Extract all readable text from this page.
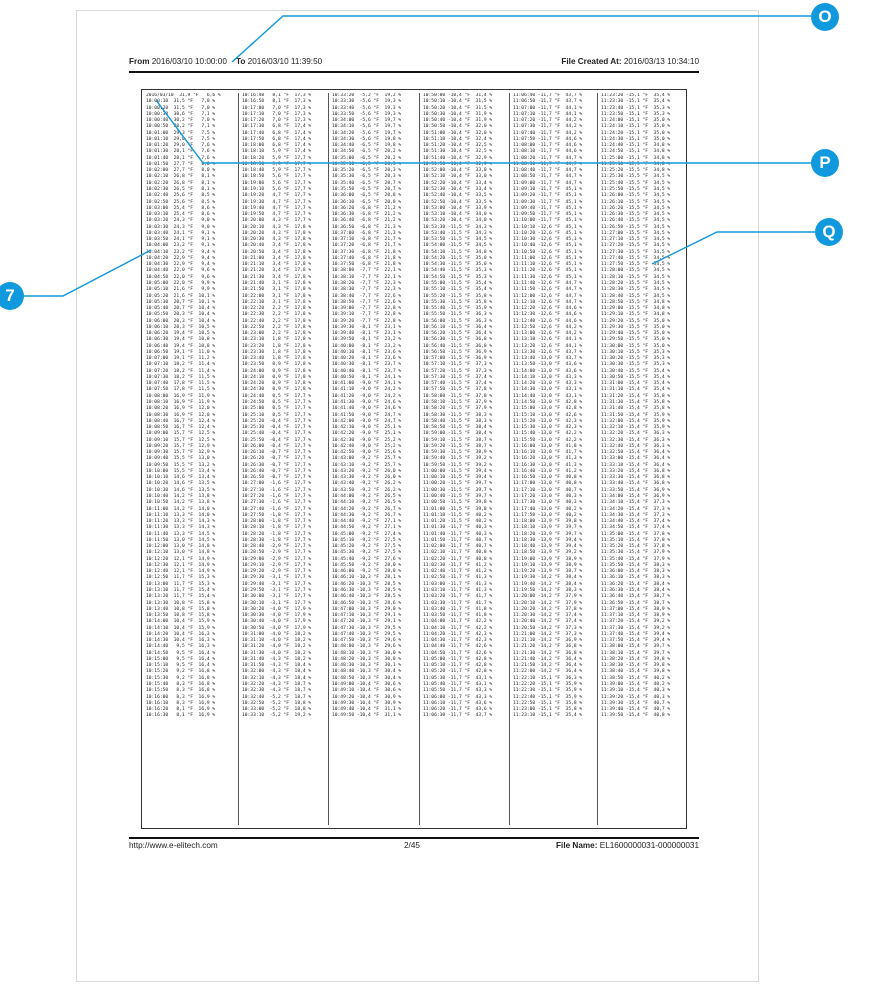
From 2016/03/10 10:00:00 To 2016/03/10 11:39:50	File Created At: 2016/03/13 10:34:10
2016/03/10  31,9 °F   6,6 %
10:00:10  31,5 °F   7,0 %
10:00:20  31,5 °F   7,0 %
10:00:30  30,6 °F   7,1 %
10:00:40  30,2 °F   7,0 %
10:00:50  30,2 °F   7,1 %
10:01:00  29,3 °F   7,5 %
10:01:10  29,0 °F   7,5 %
10:01:20  29,0 °F   7,6 %
10:01:30  28,1 °F   7,6 %
10:01:40  28,1 °F   7,6 %
10:01:50  27,7 °F   8,0 %
10:02:00  27,7 °F   8,0 %
10:02:10  26,8 °F   8,1 %
10:02:20  26,8 °F   8,1 %
10:02:30  26,5 °F   8,1 %
10:02:40  25,6 °F   8,5 %
10:02:50  25,6 °F   8,5 %
10:03:00  25,4 °F   8,6 %
10:03:10  25,4 °F   8,6 %
10:03:20  24,3 °F   9,0 %
10:03:30  24,3 °F   9,0 %
10:03:40  24,1 °F   9,1 %
10:03:50  24,1 °F   9,1 %
10:04:00  23,2 °F   9,1 %
10:04:10  23,2 °F   9,4 %
10:04:20  22,9 °F   9,4 %
10:04:30  22,9 °F   9,4 %
10:04:40  22,0 °F   9,6 %
10:04:50  22,0 °F   9,6 %
10:05:00  22,0 °F   9,9 %
10:05:10  21,6 °F   9,9 %
10:05:20  21,6 °F  10,1 %
10:05:30  20,7 °F  10,1 %
10:05:40  20,7 °F  10,4 %
10:05:50  20,3 °F  10,4 %
10:06:00  20,3 °F  10,4 %
10:06:10  20,3 °F  10,5 %
10:06:20  19,4 °F  10,5 %
10:06:30  19,4 °F  10,8 %
10:06:40  19,4 °F  10,8 %
10:06:50  19,1 °F  11,0 %
10:07:00  19,1 °F  11,2 %
10:07:10  18,2 °F  11,4 %
10:07:20  18,2 °F  11,4 %
10:07:30  18,2 °F  11,5 %
10:07:40  17,8 °F  11,5 %
10:07:50  17,8 °F  11,5 %
10:08:00  16,9 °F  11,9 %
10:08:10  16,9 °F  11,9 %
10:08:20  16,9 °F  12,0 %
10:08:30  16,9 °F  12,0 %
10:08:40  16,7 °F  12,4 %
10:08:50  16,7 °F  12,4 %
10:09:00  15,7 °F  12,5 %
10:09:10  15,7 °F  12,5 %
10:09:20  15,7 °F  12,9 %
10:09:30  15,7 °F  12,9 %
10:09:40  15,5 °F  13,0 %
10:09:50  15,5 °F  13,2 %
10:10:00  15,5 °F  13,4 %
10:10:10  14,6 °F  13,4 %
10:10:20  14,6 °F  13,5 %
10:10:30  14,6 °F  13,5 %
10:10:40  14,2 °F  13,8 %
10:10:50  14,2 °F  13,8 %
10:11:00  14,2 °F  14,0 %
10:11:10  13,3 °F  14,0 %
10:11:20  13,3 °F  14,3 %
10:11:30  13,3 °F  14,3 %
10:11:40  13,3 °F  14,5 %
10:11:50  13,0 °F  14,5 %
10:12:00  13,0 °F  14,8 %
10:12:10  13,0 °F  14,8 %
10:12:20  12,1 °F  14,9 %
10:12:30  12,1 °F  14,9 %
10:12:40  12,1 °F  14,9 %
10:12:50  11,7 °F  15,3 %
10:13:00  11,7 °F  15,3 %
10:13:10  11,7 °F  15,4 %
10:13:20  11,7 °F  15,4 %
10:13:30  10,8 °F  15,8 %
10:13:40  10,8 °F  15,8 %
10:13:50  10,8 °F  15,8 %
10:14:00  10,4 °F  15,9 %
10:14:10  10,4 °F  15,9 %
10:14:20  10,4 °F  16,3 %
10:14:30  10,4 °F  16,3 %
10:14:40   9,5 °F  16,3 %
10:14:50   9,5 °F  16,4 %
10:15:00   9,5 °F  16,4 %
10:15:10   9,5 °F  16,4 %
10:15:20   9,2 °F  16,8 %
10:15:30   9,2 °F  16,8 %
10:15:40   8,3 °F  16,8 %
10:15:50   8,3 °F  16,8 %
10:16:00   8,3 °F  16,9 %
10:16:10   8,3 °F  16,9 %
10:16:20   8,1 °F  16,9 %
10:16:30   8,1 °F  16,9 %
10:16:40   8,1 °F  17,3 %
10:16:50   8,1 °F  17,3 %
10:17:00   7,0 °F  17,3 %
10:17:10   7,0 °F  17,3 %
10:17:20   7,0 °F  17,3 %
10:17:30   6,8 °F  17,4 %
10:17:40   6,8 °F  17,4 %
10:17:50   6,8 °F  17,4 %
10:18:00   6,8 °F  17,4 %
10:18:10   5,9 °F  17,4 %
10:18:20   5,9 °F  17,7 %
10:18:30   5,9 °F  17,7 %
10:18:40   5,9 °F  17,7 %
10:18:50   5,6 °F  17,7 %
10:19:00   5,6 °F  17,7 %
10:19:10   5,6 °F  17,7 %
10:19:20   4,7 °F  17,7 %
10:19:30   4,7 °F  17,7 %
10:19:40   4,7 °F  17,7 %
10:19:50   4,7 °F  17,7 %
10:20:00   4,3 °F  17,7 %
10:20:10   4,3 °F  17,8 %
10:20:20   4,3 °F  17,8 %
10:20:30   4,3 °F  17,8 %
10:20:40   3,4 °F  17,8 %
10:20:50   3,4 °F  17,8 %
10:21:00   3,4 °F  17,8 %
10:21:10   3,4 °F  17,8 %
10:21:20   3,4 °F  17,8 %
10:21:30   3,4 °F  17,8 %
10:21:40   3,1 °F  17,8 %
10:21:50   3,1 °F  17,8 %
10:22:00   3,1 °F  17,8 %
10:22:10   3,1 °F  17,8 %
10:22:20   2,2 °F  17,8 %
10:22:30   2,2 °F  17,8 %
10:22:40   2,2 °F  17,8 %
10:22:50   2,2 °F  17,8 %
10:23:00   2,2 °F  17,8 %
10:23:10   1,8 °F  17,8 %
10:23:20   1,8 °F  17,8 %
10:23:30   1,8 °F  17,8 %
10:23:40   1,8 °F  17,8 %
10:23:50   0,9 °F  17,8 %
10:24:00   0,9 °F  17,8 %
10:24:10   0,9 °F  17,8 %
10:24:20   0,9 °F  17,8 %
10:24:30   0,9 °F  17,8 %
10:24:40   0,5 °F  17,7 %
10:24:50   0,5 °F  17,7 %
10:25:00   0,5 °F  17,7 %
10:25:10   0,5 °F  17,7 %
10:25:20  -0,4 °F  17,7 %
10:25:30  -0,4 °F  17,7 %
10:25:40  -0,4 °F  17,7 %
10:25:50  -0,4 °F  17,7 %
10:26:00  -0,4 °F  17,7 %
10:26:10  -0,7 °F  17,7 %
10:26:20  -0,7 °F  17,7 %
10:26:30  -0,7 °F  17,7 %
10:26:40  -0,7 °F  17,7 %
10:26:50  -0,7 °F  17,7 %
10:27:00  -1,6 °F  17,7 %
10:27:10  -1,6 °F  17,7 %
10:27:20  -1,6 °F  17,7 %
10:27:30  -1,6 °F  17,7 %
10:27:40  -1,6 °F  17,7 %
10:27:50  -1,8 °F  17,7 %
10:28:00  -1,8 °F  17,7 %
10:28:10  -1,8 °F  17,7 %
10:28:20  -1,8 °F  17,7 %
10:28:30  -1,8 °F  17,7 %
10:28:40  -2,9 °F  17,7 %
10:28:50  -2,9 °F  17,7 %
10:29:00  -2,9 °F  17,7 %
10:29:10  -2,9 °F  17,7 %
10:29:20  -2,9 °F  17,7 %
10:29:30  -3,1 °F  17,7 %
10:29:40  -3,1 °F  17,7 %
10:29:50  -3,1 °F  17,7 %
10:30:00  -3,1 °F  17,7 %
10:30:10  -3,1 °F  17,7 %
10:30:20  -4,0 °F  17,9 %
10:30:30  -4,0 °F  17,9 %
10:30:40  -4,0 °F  17,9 %
10:30:50  -4,0 °F  17,9 %
10:31:00  -4,0 °F  18,2 %
10:31:10  -4,0 °F  18,2 %
10:31:20  -4,0 °F  18,2 %
10:31:30  -4,0 °F  18,2 %
10:31:40  -4,3 °F  18,2 %
10:31:50  -4,3 °F  18,4 %
10:32:00  -4,3 °F  18,4 %
10:32:10  -4,3 °F  18,4 %
10:32:20  -4,3 °F  18,7 %
10:32:30  -4,3 °F  18,7 %
10:32:40  -5,2 °F  18,7 %
10:32:50  -5,2 °F  18,8 %
10:33:00  -5,2 °F  18,8 %
10:33:10  -5,2 °F  19,2 %
10:33:20  -5,2 °F  19,2 %
10:33:30  -5,6 °F  19,3 %
10:33:40  -5,6 °F  19,3 %
10:33:50  -5,6 °F  19,3 %
10:34:00  -5,6 °F  19,7 %
10:34:10  -5,6 °F  19,7 %
10:34:20  -5,6 °F  19,7 %
10:34:30  -5,6 °F  19,8 %
10:34:40  -6,5 °F  19,8 %
10:34:50  -6,5 °F  20,2 %
10:35:00  -6,5 °F  20,2 %
10:35:10  -6,5 °F  20,3 %
10:35:20  -6,5 °F  20,3 %
10:35:30  -6,5 °F  20,3 %
10:35:40  -6,5 °F  20,7 %
10:35:50  -6,5 °F  20,7 %
10:36:00  -6,5 °F  20,8 %
10:36:10  -6,5 °F  20,8 %
10:36:20  -6,8 °F  21,2 %
10:36:30  -6,8 °F  21,2 %
10:36:40  -6,8 °F  21,2 %
10:36:50  -6,8 °F  21,3 %
10:37:00  -6,8 °F  21,3 %
10:37:10  -6,8 °F  21,7 %
10:37:20  -6,8 °F  21,7 %
10:37:30  -6,8 °F  21,8 %
10:37:40  -6,8 °F  21,8 %
10:37:50  -6,8 °F  21,8 %
10:38:00  -7,7 °F  22,1 %
10:38:10  -7,7 °F  22,1 %
10:38:20  -7,7 °F  22,3 %
10:38:30  -7,7 °F  22,3 %
10:38:40  -7,7 °F  22,6 %
10:38:50  -7,7 °F  22,6 %
10:39:00  -7,7 °F  22,8 %
10:39:10  -7,7 °F  22,8 %
10:39:20  -7,7 °F  22,8 %
10:39:30  -8,1 °F  23,1 %
10:39:40  -8,1 °F  23,1 %
10:39:50  -8,1 °F  23,2 %
10:40:00  -8,1 °F  23,2 %
10:40:10  -8,1 °F  23,6 %
10:40:20  -8,1 °F  23,6 %
10:40:30  -8,1 °F  23,7 %
10:40:40  -8,1 °F  23,7 %
10:40:50  -8,1 °F  24,1 %
10:41:00  -9,0 °F  24,1 %
10:41:10  -9,0 °F  24,2 %
10:41:20  -9,0 °F  24,2 %
10:41:30  -9,0 °F  24,6 %
10:41:40  -9,0 °F  24,6 %
10:41:50  -9,0 °F  24,7 %
10:42:00  -9,0 °F  24,7 %
10:42:10  -9,0 °F  25,1 %
10:42:20  -9,0 °F  25,1 %
10:42:30  -9,0 °F  25,2 %
10:42:40  -9,0 °F  25,2 %
10:42:50  -9,0 °F  25,6 %
10:43:00  -9,2 °F  25,7 %
10:43:10  -9,2 °F  25,7 %
10:43:20  -9,2 °F  26,0 %
10:43:30  -9,2 °F  26,0 %
10:43:40  -9,2 °F  26,2 %
10:43:50  -9,2 °F  26,2 %
10:44:00  -9,2 °F  26,5 %
10:44:10  -9,2 °F  26,5 %
10:44:20  -9,2 °F  26,7 %
10:44:30  -9,2 °F  26,7 %
10:44:40  -9,2 °F  27,1 %
10:44:50  -9,2 °F  27,1 %
10:45:00  -9,2 °F  27,4 %
10:45:10  -9,2 °F  27,5 %
10:45:20  -9,2 °F  27,5 %
10:45:30  -9,2 °F  27,5 %
10:45:40  -9,2 °F  27,6 %
10:45:50  -9,2 °F  28,0 %
10:46:00  -9,2 °F  28,0 %
10:46:10 -10,3 °F  28,1 %
10:46:20 -10,3 °F  28,5 %
10:46:30 -10,3 °F  28,5 %
10:46:40 -10,3 °F  28,5 %
10:46:50 -10,3 °F  28,6 %
10:47:00 -10,3 °F  29,0 %
10:47:10 -10,3 °F  29,1 %
10:47:20 -10,3 °F  29,1 %
10:47:30 -10,3 °F  29,5 %
10:47:40 -10,3 °F  29,5 %
10:47:50 -10,3 °F  29,6 %
10:48:00 -10,3 °F  29,6 %
10:48:10 -10,3 °F  30,0 %
10:48:20 -10,3 °F  30,0 %
10:48:30 -10,3 °F  30,1 %
10:48:40 -10,3 °F  30,4 %
10:48:50 -10,3 °F  30,4 %
10:49:00 -10,4 °F  30,6 %
10:49:10 -10,4 °F  30,6 %
10:49:20 -10,4 °F  30,9 %
10:49:30 -10,4 °F  30,9 %
10:49:40 -10,4 °F  31,1 %
10:49:50 -10,4 °F  31,1 %
10:50:00 -10,4 °F  31,4 %
10:50:10 -10,4 °F  31,5 %
10:50:20 -10,4 °F  31,5 %
10:50:30 -10,4 °F  31,9 %
10:50:40 -10,4 °F  31,9 %
10:50:50 -10,4 °F  32,0 %
10:51:00 -10,4 °F  32,0 %
10:51:10 -10,4 °F  32,4 %
10:51:20 -10,4 °F  32,5 %
10:51:30 -10,4 °F  32,5 %
10:51:40 -10,4 °F  32,9 %
10:51:50 -10,4 °F  32,9 %
10:52:00 -10,4 °F  33,0 %
10:52:10 -10,4 °F  33,0 %
10:52:20 -10,4 °F  33,4 %
10:52:30 -10,4 °F  33,4 %
10:52:40 -10,4 °F  33,5 %
10:52:50 -10,4 °F  33,5 %
10:53:00 -10,4 °F  33,9 %
10:53:10 -10,4 °F  34,0 %
10:53:20 -10,4 °F  34,0 %
10:53:30 -11,5 °F  34,3 %
10:53:40 -11,5 °F  34,3 %
10:53:50 -11,5 °F  34,5 %
10:54:00 -11,5 °F  34,5 %
10:54:10 -11,5 °F  34,8 %
10:54:20 -11,5 °F  35,0 %
10:54:30 -11,5 °F  35,0 %
10:54:40 -11,5 °F  35,3 %
10:54:50 -11,5 °F  35,3 %
10:55:00 -11,5 °F  35,4 %
10:55:10 -11,5 °F  35,4 %
10:55:20 -11,5 °F  35,8 %
10:55:30 -11,5 °F  35,8 %
10:55:40 -11,5 °F  35,9 %
10:55:50 -11,5 °F  36,3 %
10:56:00 -11,5 °F  36,3 %
10:56:10 -11,5 °F  36,4 %
10:56:20 -11,5 °F  36,4 %
10:56:30 -11,5 °F  36,8 %
10:56:40 -11,5 °F  36,8 %
10:56:50 -11,5 °F  36,9 %
10:57:00 -11,5 °F  36,9 %
10:57:10 -11,5 °F  37,3 %
10:57:20 -11,5 °F  37,3 %
10:57:30 -11,5 °F  37,4 %
10:57:40 -11,5 °F  37,4 %
10:57:50 -11,5 °F  37,8 %
10:58:00 -11,5 °F  37,8 %
10:58:10 -11,5 °F  37,9 %
10:58:20 -11,5 °F  37,9 %
10:58:30 -11,5 °F  38,3 %
10:58:40 -11,5 °F  38,3 %
10:58:50 -11,5 °F  38,4 %
10:59:00 -11,5 °F  38,4 %
10:59:10 -11,5 °F  38,7 %
10:59:20 -11,5 °F  38,7 %
10:59:30 -11,5 °F  38,9 %
10:59:40 -11,5 °F  39,2 %
10:59:50 -11,5 °F  39,2 %
11:00:00 -11,5 °F  39,4 %
11:00:10 -11,5 °F  39,4 %
11:00:20 -11,5 °F  39,7 %
11:00:30 -11,5 °F  39,7 %
11:00:40 -11,5 °F  39,7 %
11:00:50 -11,5 °F  39,8 %
11:01:00 -11,5 °F  39,8 %
11:01:10 -11,5 °F  40,2 %
11:01:20 -11,5 °F  40,2 %
11:01:30 -11,7 °F  40,3 %
11:01:40 -11,7 °F  40,3 %
11:01:50 -11,7 °F  40,7 %
11:02:00 -11,7 °F  40,7 %
11:02:10 -11,7 °F  40,8 %
11:02:20 -11,7 °F  40,8 %
11:02:30 -11,7 °F  41,2 %
11:02:40 -11,7 °F  41,2 %
11:02:50 -11,7 °F  41,3 %
11:03:00 -11,7 °F  41,3 %
11:03:10 -11,7 °F  41,3 %
11:03:20 -11,7 °F  41,7 %
11:03:30 -11,7 °F  41,7 %
11:03:40 -11,7 °F  41,8 %
11:03:50 -11,7 °F  41,8 %
11:04:00 -11,7 °F  42,2 %
11:04:10 -11,7 °F  42,2 %
11:04:20 -11,7 °F  42,3 %
11:04:30 -11,7 °F  42,3 %
11:04:40 -11,7 °F  42,6 %
11:04:50 -11,7 °F  42,6 %
11:05:00 -11,7 °F  42,8 %
11:05:10 -11,7 °F  42,8 %
11:05:20 -11,7 °F  42,8 %
11:05:30 -11,7 °F  43,1 %
11:05:40 -11,7 °F  43,1 %
11:05:50 -11,7 °F  43,3 %
11:06:00 -11,7 °F  43,3 %
11:06:10 -11,7 °F  43,6 %
11:06:20 -11,7 °F  43,6 %
11:06:30 -11,7 °F  43,7 %
11:06:40 -11,7 °F  43,7 %
11:06:50 -11,7 °F  43,7 %
11:07:00 -11,7 °F  44,1 %
11:07:10 -11,7 °F  44,1 %
11:07:20 -11,7 °F  44,2 %
11:07:30 -11,7 °F  44,2 %
11:07:40 -11,7 °F  44,2 %
11:07:50 -11,7 °F  44,6 %
11:08:00 -11,7 °F  44,6 %
11:08:10 -11,7 °F  44,6 %
11:08:20 -11,7 °F  44,7 %
11:08:30 -11,7 °F  44,7 %
11:08:40 -11,7 °F  44,7 %
11:08:50 -11,7 °F  44,7 %
11:09:00 -11,7 °F  44,7 %
11:09:10 -11,7 °F  45,1 %
11:09:20 -11,7 °F  45,1 %
11:09:30 -11,7 °F  45,1 %
11:09:40 -11,7 °F  45,1 %
11:09:50 -11,7 °F  45,1 %
11:10:00 -11,7 °F  45,1 %
11:10:10 -12,6 °F  45,1 %
11:10:20 -12,6 °F  45,1 %
11:10:30 -12,6 °F  45,1 %
11:10:40 -12,6 °F  45,1 %
11:10:50 -12,6 °F  45,1 %
11:11:00 -12,6 °F  45,1 %
11:11:10 -12,6 °F  45,1 %
11:11:20 -12,6 °F  45,1 %
11:11:30 -12,6 °F  45,1 %
11:11:40 -12,6 °F  44,7 %
11:11:50 -12,6 °F  44,7 %
11:12:00 -12,6 °F  44,7 %
11:12:10 -12,6 °F  44,7 %
11:12:20 -12,6 °F  44,6 %
11:12:30 -12,6 °F  44,6 %
11:12:40 -12,6 °F  44,6 %
11:12:50 -12,6 °F  44,2 %
11:13:00 -12,6 °F  44,2 %
11:13:10 -12,6 °F  44,1 %
11:13:20 -12,6 °F  44,1 %
11:13:30 -12,6 °F  43,7 %
11:13:40 -13,0 °F  43,7 %
11:13:50 -13,0 °F  43,6 %
11:14:00 -13,0 °F  43,6 %
11:14:10 -13,0 °F  43,3 %
11:14:20 -13,0 °F  43,3 %
11:14:30 -13,0 °F  43,1 %
11:14:40 -13,0 °F  43,1 %
11:14:50 -13,0 °F  42,8 %
11:15:00 -13,0 °F  42,8 %
11:15:10 -13,0 °F  42,6 %
11:15:20 -13,0 °F  42,3 %
11:15:30 -13,0 °F  42,3 %
11:15:40 -13,0 °F  42,2 %
11:15:50 -13,0 °F  42,2 %
11:16:00 -13,0 °F  41,8 %
11:16:10 -13,0 °F  41,7 %
11:16:20 -13,0 °F  41,3 %
11:16:30 -13,0 °F  41,3 %
11:16:40 -13,0 °F  41,2 %
11:16:50 -13,0 °F  40,8 %
11:17:00 -13,0 °F  40,8 %
11:17:10 -13,0 °F  40,7 %
11:17:20 -13,0 °F  40,3 %
11:17:30 -13,0 °F  40,3 %
11:17:40 -13,0 °F  40,2 %
11:17:50 -13,0 °F  40,2 %
11:18:00 -13,9 °F  39,8 %
11:18:10 -13,9 °F  39,7 %
11:18:20 -13,9 °F  39,7 %
11:18:30 -13,9 °F  39,4 %
11:18:40 -13,9 °F  39,4 %
11:18:50 -13,9 °F  39,2 %
11:19:00 -13,9 °F  38,9 %
11:19:10 -13,9 °F  38,9 %
11:19:20 -13,9 °F  38,7 %
11:19:30 -14,2 °F  38,4 %
11:19:40 -14,2 °F  38,4 %
11:19:50 -14,2 °F  38,3 %
11:20:00 -14,2 °F  37,9 %
11:20:10 -14,2 °F  37,9 %
11:20:20 -14,2 °F  37,8 %
11:20:30 -14,2 °F  37,4 %
11:20:40 -14,2 °F  37,4 %
11:20:50 -14,2 °F  37,3 %
11:21:00 -14,2 °F  37,3 %
11:21:10 -14,2 °F  36,9 %
11:21:20 -14,2 °F  36,8 %
11:21:30 -14,2 °F  36,8 %
11:21:40 -14,2 °F  36,4 %
11:21:50 -14,2 °F  36,4 %
11:22:00 -14,2 °F  36,4 %
11:22:10 -15,1 °F  36,3 %
11:22:20 -15,1 °F  35,9 %
11:22:30 -15,1 °F  35,9 %
11:22:40 -15,1 °F  35,9 %
11:22:50 -15,1 °F  35,8 %
11:23:00 -15,1 °F  35,8 %
11:23:10 -15,1 °F  35,4 %
11:23:20 -15,1 °F  35,4 %
11:23:30 -15,1 °F  35,4 %
11:23:40 -15,1 °F  35,3 %
11:23:50 -15,1 °F  35,3 %
11:24:00 -15,1 °F  35,0 %
11:24:10 -15,1 °F  35,0 %
11:24:20 -15,1 °F  35,0 %
11:24:30 -15,1 °F  35,0 %
11:24:40 -15,1 °F  34,8 %
11:24:50 -15,1 °F  34,8 %
11:25:00 -15,1 °F  34,8 %
11:25:10 -15,5 °F  34,8 %
11:25:20 -15,5 °F  34,8 %
11:25:30 -15,5 °F  34,5 %
11:25:40 -15,5 °F  34,5 %
11:25:50 -15,5 °F  34,5 %
11:26:00 -15,5 °F  34,5 %
11:26:10 -15,5 °F  34,5 %
11:26:20 -15,5 °F  34,5 %
11:26:30 -15,5 °F  34,5 %
11:26:40 -15,5 °F  34,5 %
11:26:50 -15,5 °F  34,5 %
11:27:00 -15,5 °F  34,5 %
11:27:10 -15,5 °F  34,5 %
11:27:20 -15,5 °F  34,5 %
11:27:30 -15,5 °F  34,5 %
11:27:40 -15,5 °F  34,5 %
11:27:50 -15,5 °F  34,5 %
11:28:00 -15,5 °F  34,5 %
11:28:10 -15,5 °F  34,5 %
11:28:20 -15,5 °F  34,5 %
11:28:30 -15,5 °F  34,5 %
11:28:40 -15,5 °F  34,5 %
11:28:50 -15,5 °F  34,8 %
11:29:00 -15,5 °F  34,8 %
11:29:10 -15,5 °F  34,8 %
11:29:20 -15,5 °F  35,0 %
11:29:30 -15,5 °F  35,0 %
11:29:40 -15,5 °F  35,0 %
11:29:50 -15,5 °F  35,0 %
11:30:00 -15,5 °F  35,0 %
11:30:10 -15,5 °F  35,3 %
11:30:20 -15,5 °F  35,3 %
11:30:30 -15,5 °F  35,3 %
11:30:40 -15,5 °F  35,4 %
11:30:50 -15,5 °F  35,4 %
11:31:00 -15,4 °F  35,4 %
11:31:10 -15,4 °F  35,4 %
11:31:20 -15,4 °F  35,8 %
11:31:30 -15,4 °F  35,8 %
11:31:40 -15,4 °F  35,8 %
11:31:50 -15,4 °F  35,9 %
11:32:00 -15,4 °F  35,9 %
11:32:10 -15,4 °F  35,9 %
11:32:20 -15,4 °F  36,3 %
11:32:30 -15,4 °F  36,3 %
11:32:40 -15,4 °F  36,3 %
11:32:50 -15,4 °F  36,4 %
11:33:00 -15,4 °F  36,4 %
11:33:10 -15,4 °F  36,4 %
11:33:20 -15,4 °F  36,8 %
11:33:30 -15,4 °F  36,8 %
11:33:40 -15,4 °F  36,8 %
11:33:50 -15,4 °F  36,9 %
11:34:00 -15,4 °F  36,9 %
11:34:10 -15,4 °F  37,3 %
11:34:20 -15,4 °F  37,3 %
11:34:30 -15,4 °F  37,3 %
11:34:40 -15,4 °F  37,4 %
11:34:50 -15,4 °F  37,4 %
11:35:00 -15,4 °F  37,8 %
11:35:10 -15,4 °F  37,8 %
11:35:20 -15,4 °F  37,8 %
11:35:30 -15,4 °F  37,9 %
11:35:40 -15,4 °F  37,9 %
11:35:50 -15,4 °F  38,3 %
11:36:00 -15,4 °F  38,3 %
11:36:10 -15,4 °F  38,3 %
11:36:20 -15,4 °F  38,4 %
11:36:30 -15,4 °F  38,4 %
11:36:40 -15,4 °F  38,7 %
11:36:50 -15,4 °F  38,7 %
11:37:00 -15,4 °F  38,9 %
11:37:10 -15,4 °F  38,9 %
11:37:20 -15,4 °F  39,2 %
11:37:30 -15,4 °F  39,2 %
11:37:40 -15,4 °F  39,4 %
11:37:50 -15,4 °F  39,4 %
11:38:00 -15,4 °F  39,7 %
11:38:10 -15,4 °F  39,7 %
11:38:20 -15,4 °F  39,8 %
11:38:30 -15,4 °F  39,8 %
11:38:40 -15,4 °F  39,8 %
11:38:50 -15,4 °F  40,2 %
11:39:00 -15,4 °F  40,2 %
11:39:10 -15,4 °F  40,3 %
11:39:20 -15,4 °F  40,3 %
11:39:30 -15,4 °F  40,7 %
11:39:40 -15,4 °F  40,7 %
11:39:50 -15,4 °F  40,8 %
http://www.e-elitech.com	2/45	File Name: EL1600000031-000000031
O
P
Q
7
